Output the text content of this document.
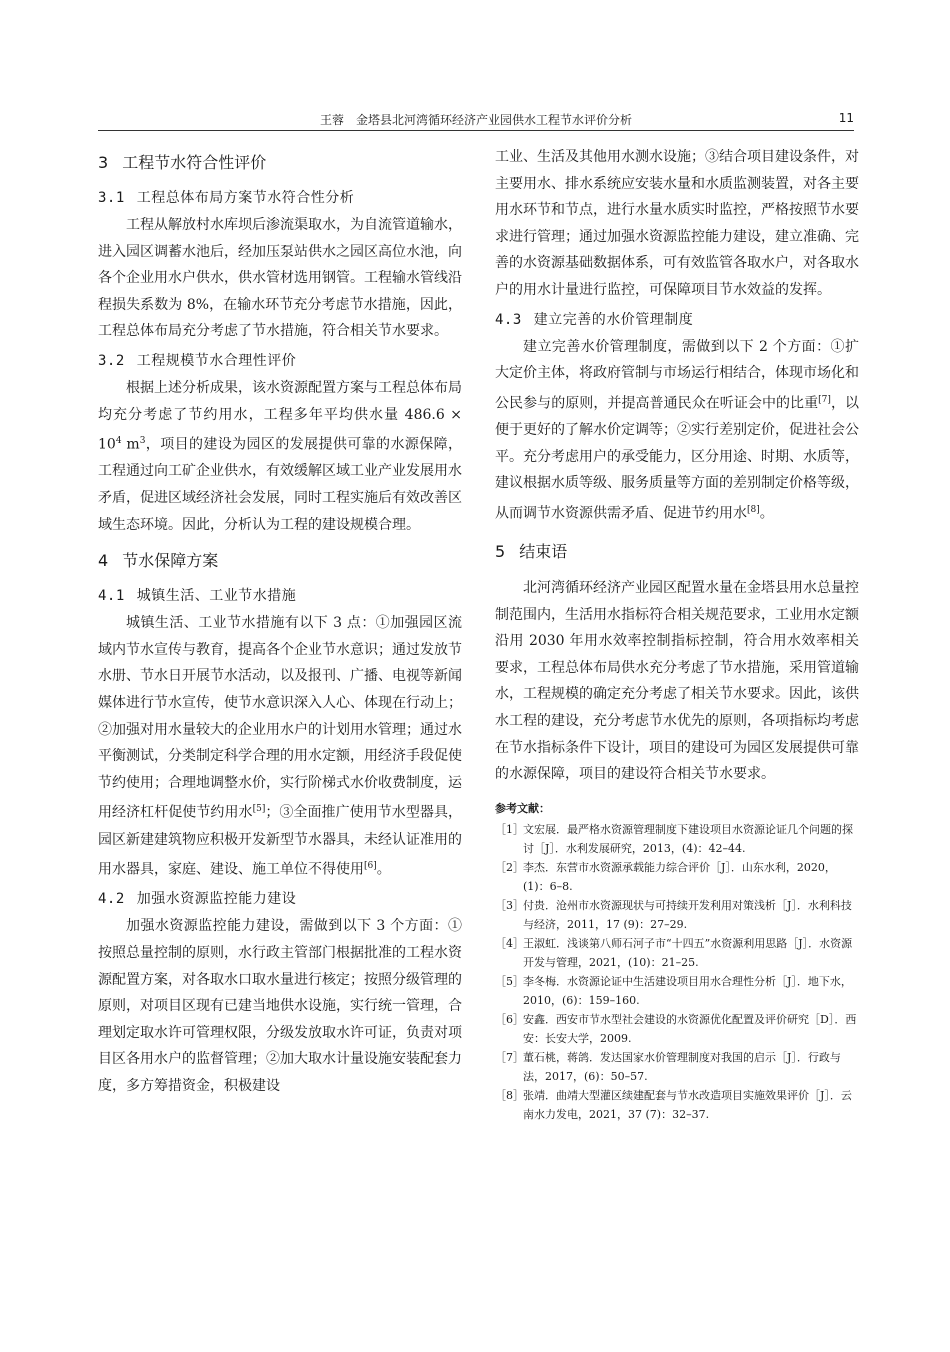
王蓉　金塔县北河湾循环经济产业园供水工程节水评价分析	11
3 工程节水符合性评价
3.1 工程总体布局方案节水符合性分析

工程从解放村水库坝后渗流渠取水，为自流管道输水，进入园区调蓄水池后，经加压泵站供水之园区高位水池，向各个企业用水户供水，供水管材选用钢管。工程输水管线沿程损失系数为 8%，在输水环节充分考虑节水措施，因此，工程总体布局充分考虑了节水措施，符合相关节水要求。

3.2 工程规模节水合理性评价

根据上述分析成果，该水资源配置方案与工程总体布局均充分考虑了节约用水，工程多年平均供水量 $486.6 \times 10^4$ $m^3$，项目的建设为园区的发展提供可靠的水源保障，工程通过向工矿企业供水，有效缓解区域工业产业发展用水矛盾，促进区域经济社会发展，同时工程实施后有效改善区域生态环境。因此，分析认为工程的建设规模合理。

4 节水保障方案
4.1 城镇生活、工业节水措施

城镇生活、工业节水措施有以下 3 点：①加强园区流域内节水宣传与教育，提高各个企业节水意识；通过发放节水册、节水日开展节水活动，以及报刊、广播、电视等新闻媒体进行节水宣传，使节水意识深入人心、体现在行动上；②加强对用水量较大的企业用水户的计划用水管理；通过水平衡测试，分类制定科学合理的用水定额，用经济手段促使节约使用；合理地调整水价，实行阶梯式水价收费制度，运用经济杠杆促使节约用水[5]；③全面推广使用节水型器具，园区新建建筑物应积极开发新型节水器具，未经认证准用的用水器具，家庭、建设、施工单位不得使用[6]。

4.2 加强水资源监控能力建设

加强水资源监控能力建设，需做到以下 3 个方面：①按照总量控制的原则，水行政主管部门根据批准的工程水资源配置方案，对各取水口取水量进行核定；按照分级管理的原则，对项目区现有已建当地供水设施，实行统一管理，合理划定取水许可管理权限，分级发放取水许可证，负责对项目区各用水户的监督管理；②加大取水计量设施安装配套力度，多方筹措资金，积极建设

工业、生活及其他用水测水设施；③结合项目建设条件，对主要用水、排水系统应安装水量和水质监测装置，对各主要用水环节和节点，进行水量水质实时监控，严格按照节水要求进行管理；通过加强水资源监控能力建设，建立准确、完善的水资源基础数据体系，可有效监管各取水户，对各取水户的用水计量进行监控，可保障项目节水效益的发挥。

4.3 建立完善的水价管理制度

建立完善水价管理制度，需做到以下 2 个方面：①扩大定价主体，将政府管制与市场运行相结合，体现市场化和公民参与的原则，并提高普通民众在听证会中的比重[7]，以便于更好的了解水价定调等；②实行差别定价，促进社会公平。充分考虑用户的承受能力，区分用途、时期、水质等，建议根据水质等级、服务质量等方面的差别制定价格等级，从而调节水资源供需矛盾、促进节约用水[8]。

5 结束语

北河湾循环经济产业园区配置水量在金塔县用水总量控制范围内，生活用水指标符合相关规范要求，工业用水定额沿用 2030 年用水效率控制指标控制，符合用水效率相关要求，工程总体布局供水充分考虑了节水措施，采用管道输水，工程规模的确定充分考虑了相关节水要求。因此，该供水工程的建设，充分考虑节水优先的原则，各项指标均考虑在节水指标条件下设计，项目的建设可为园区发展提供可靠的水源保障，项目的建设符合相关节水要求。

参考文献：
［1］ 文宏展．最严格水资源管理制度下建设项目水资源论证几个问题的探讨［J］．水利发展研究，2013，(4)：42–44.
［2］ 李杰．东营市水资源承载能力综合评价［J］．山东水利，2020，(1)：6–8.
［3］ 付贵．沧州市水资源现状与可持续开发利用对策浅析［J］．水利科技与经济，2011，17 (9)：27–29.
［4］ 王淑虹．浅谈第八师石河子市“十四五”水资源利用思路［J］．水资源开发与管理，2021，(10)：21–25.
［5］ 李冬梅．水资源论证中生活建设项目用水合理性分析［J］．地下水，2010，(6)：159–160.
［6］ 安鑫．西安市节水型社会建设的水资源优化配置及评价研究［D］．西安：长安大学，2009.
［7］ 董石桃，蒋鸽．发达国家水价管理制度对我国的启示［J］．行政与法，2017，(6)：50–57.
［8］ 张靖．曲靖大型灌区续建配套与节水改造项目实施效果评价［J］．云南水力发电，2021，37 (7)：32–37.
